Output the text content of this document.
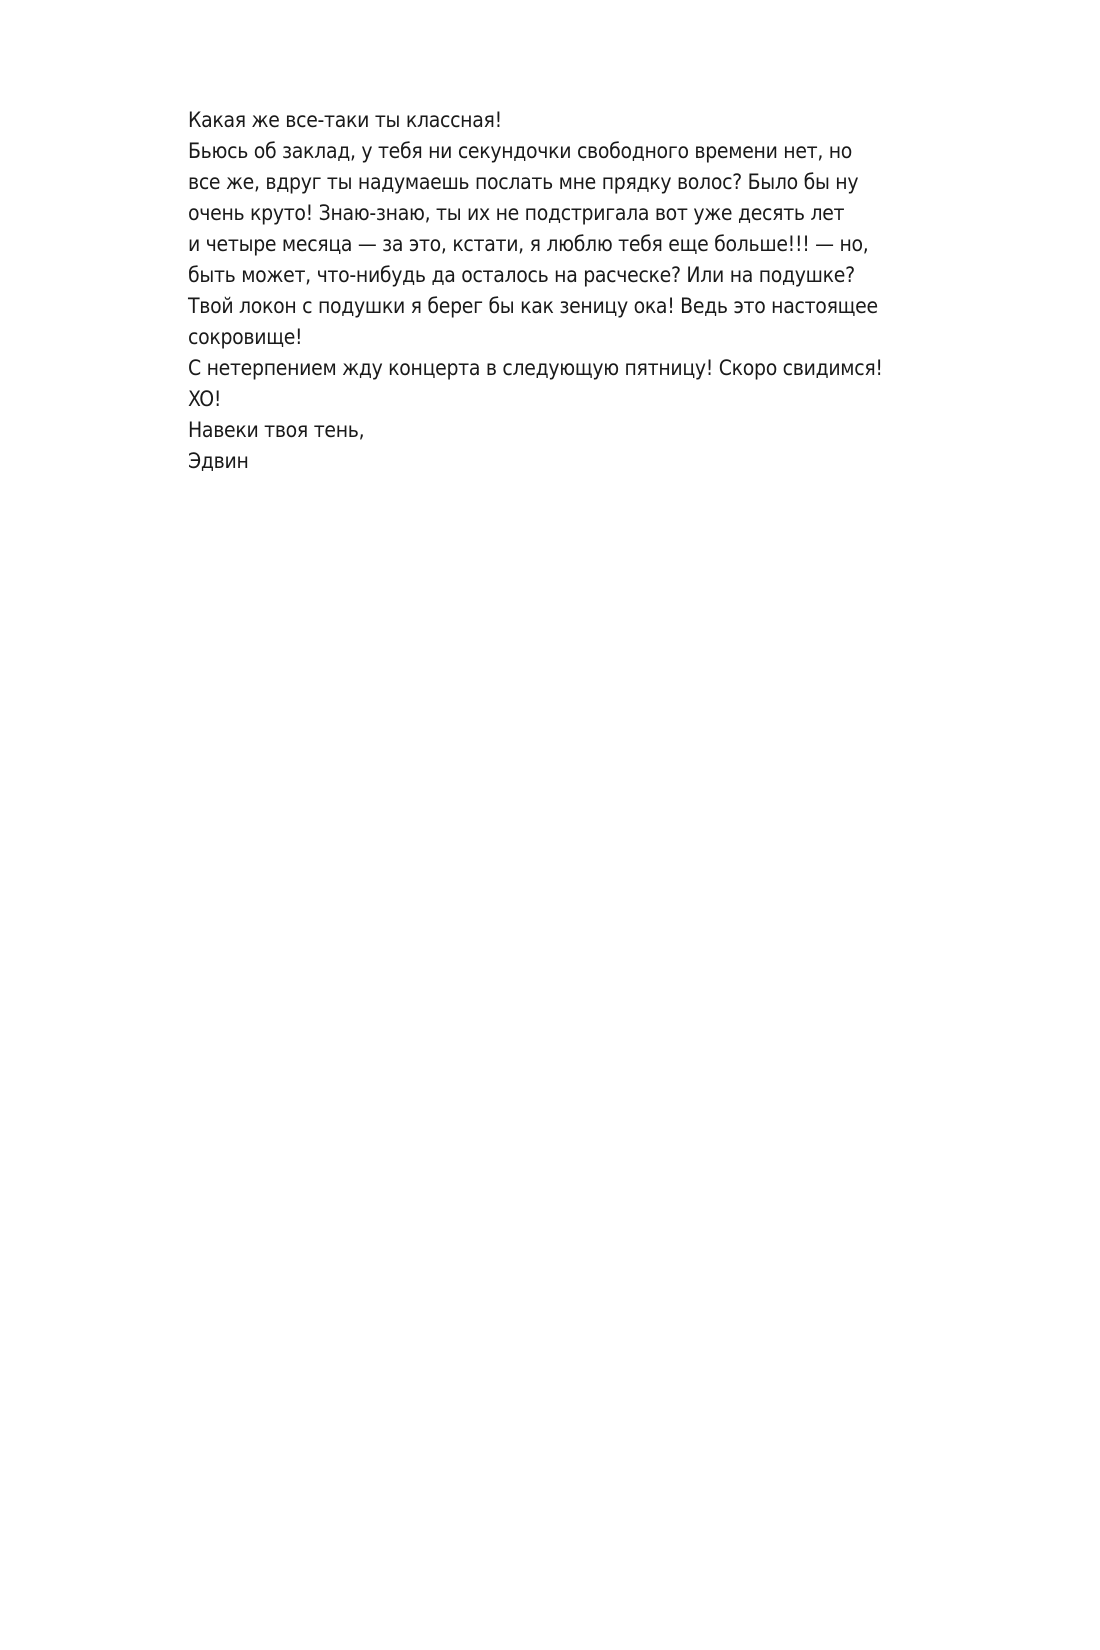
Какая же все-таки ты классная!

Бьюсь об заклад, у тебя ни секундочки свободного времени нет, но

все же, вдруг ты надумаешь послать мне прядку волос? Было бы ну

очень круто! Знаю-знаю, ты их не подстригала вот уже десять лет

и четыре месяца — за это, кстати, я люблю тебя еще больше!!! — но,

быть может, что-нибудь да осталось на расческе? Или на подушке?

Твой локон с подушки я берег бы как зеницу ока! Ведь это настоящее

сокровище!

С нетерпением жду концерта в следующую пятницу! Скоро свидимся!

XO!

Навеки твоя тень,

Эдвин
